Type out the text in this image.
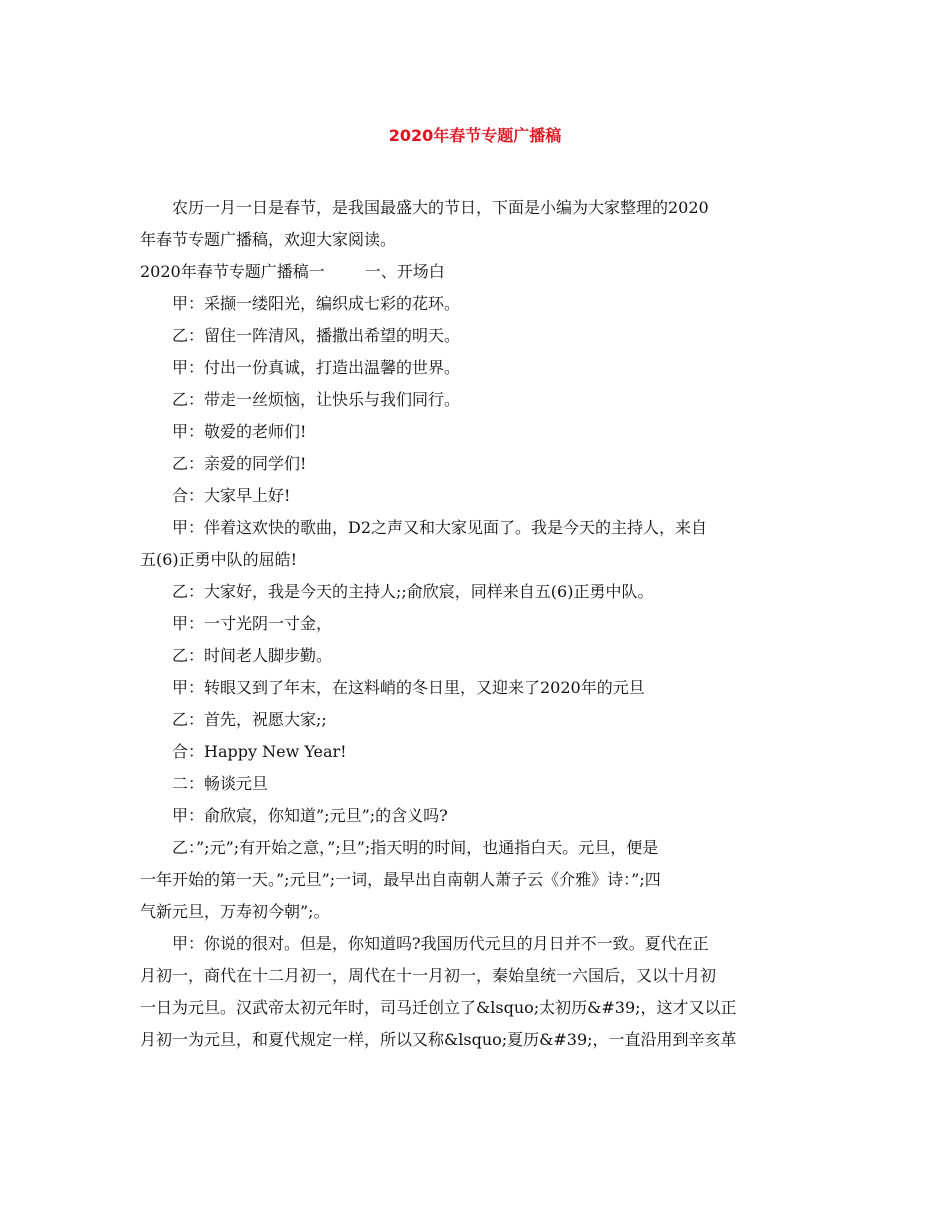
2020年春节专题广播稿

农历一月一日是春节，是我国最盛大的节日，下面是小编为大家整理的2020

年春节专题广播稿，欢迎大家阅读。

2020年春节专题广播稿一	一、开场白

甲：采撷一缕阳光，编织成七彩的花环。

乙：留住一阵清风，播撒出希望的明天。

甲：付出一份真诚，打造出温馨的世界。

乙：带走一丝烦恼，让快乐与我们同行。

甲：敬爱的老师们!

乙：亲爱的同学们!

合：大家早上好!

甲：伴着这欢快的歌曲，D2之声又和大家见面了。我是今天的主持人，来自

五(6)正勇中队的屈皓!

乙：大家好，我是今天的主持人;;俞欣宸，同样来自五(6)正勇中队。

甲：一寸光阴一寸金，

乙：时间老人脚步勤。

甲：转眼又到了年末，在这料峭的冬日里，又迎来了2020年的元旦

乙：首先，祝愿大家;;

合：Happy New Year!

二：畅谈元旦

甲：俞欣宸，你知道”;元旦”;的含义吗?

乙：”;元”;有开始之意，”;旦”;指天明的时间，也通指白天。元旦，便是

一年开始的第一天。”;元旦”;一词，最早出自南朝人萧子云《介雅》诗：”;四

气新元旦，万寿初今朝”;。

甲：你说的很对。但是，你知道吗?我国历代元旦的月日并不一致。夏代在正

月初一，商代在十二月初一，周代在十一月初一，秦始皇统一六国后，又以十月初

一日为元旦。汉武帝太初元年时，司马迁创立了&lsquo;太初历&#39;，这才又以正

月初一为元旦，和夏代规定一样，所以又称&lsquo;夏历&#39;，一直沿用到辛亥革
